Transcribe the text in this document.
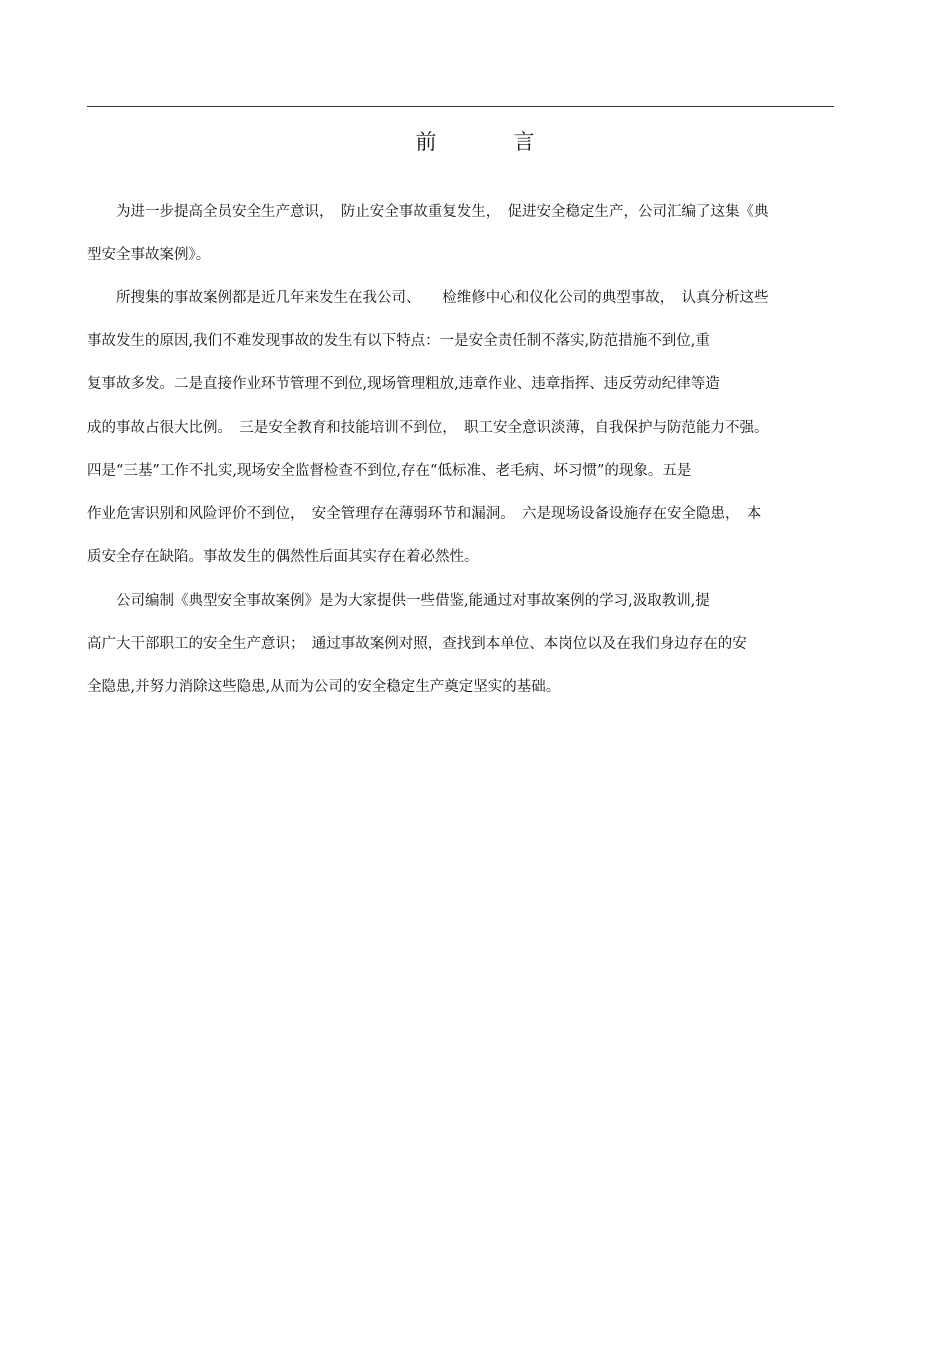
前　言
　　为进一步提高全员安全生产意识，　防止安全事故重复发生，　促进安全稳定生产，公司汇编了这集《典
型安全事故案例》。
　　所搜集的事故案例都是近几年来发生在我公司、　　检维修中心和仪化公司的典型事故，　认真分析这些
事故发生的原因,我们不难发现事故的发生有以下特点：一是安全责任制不落实,防范措施不到位,重
复事故多发。二是直接作业环节管理不到位,现场管理粗放,违章作业、违章指挥、违反劳动纪律等造
成的事故占很大比例。　三是安全教育和技能培训不到位，　职工安全意识淡薄，自我保护与防范能力不强。
四是“三基”工作不扎实,现场安全监督检查不到位,存在“低标准、老毛病、坏习惯”的现象。五是
作业危害识别和风险评价不到位，　安全管理存在薄弱环节和漏洞。　六是现场设备设施存在安全隐患，　本
质安全存在缺陷。事故发生的偶然性后面其实存在着必然性。
　　公司编制《典型安全事故案例》是为大家提供一些借鉴,能通过对事故案例的学习,汲取教训,提
高广大干部职工的安全生产意识；　通过事故案例对照，查找到本单位、本岗位以及在我们身边存在的安
全隐患,并努力消除这些隐患,从而为公司的安全稳定生产奠定坚实的基础。
